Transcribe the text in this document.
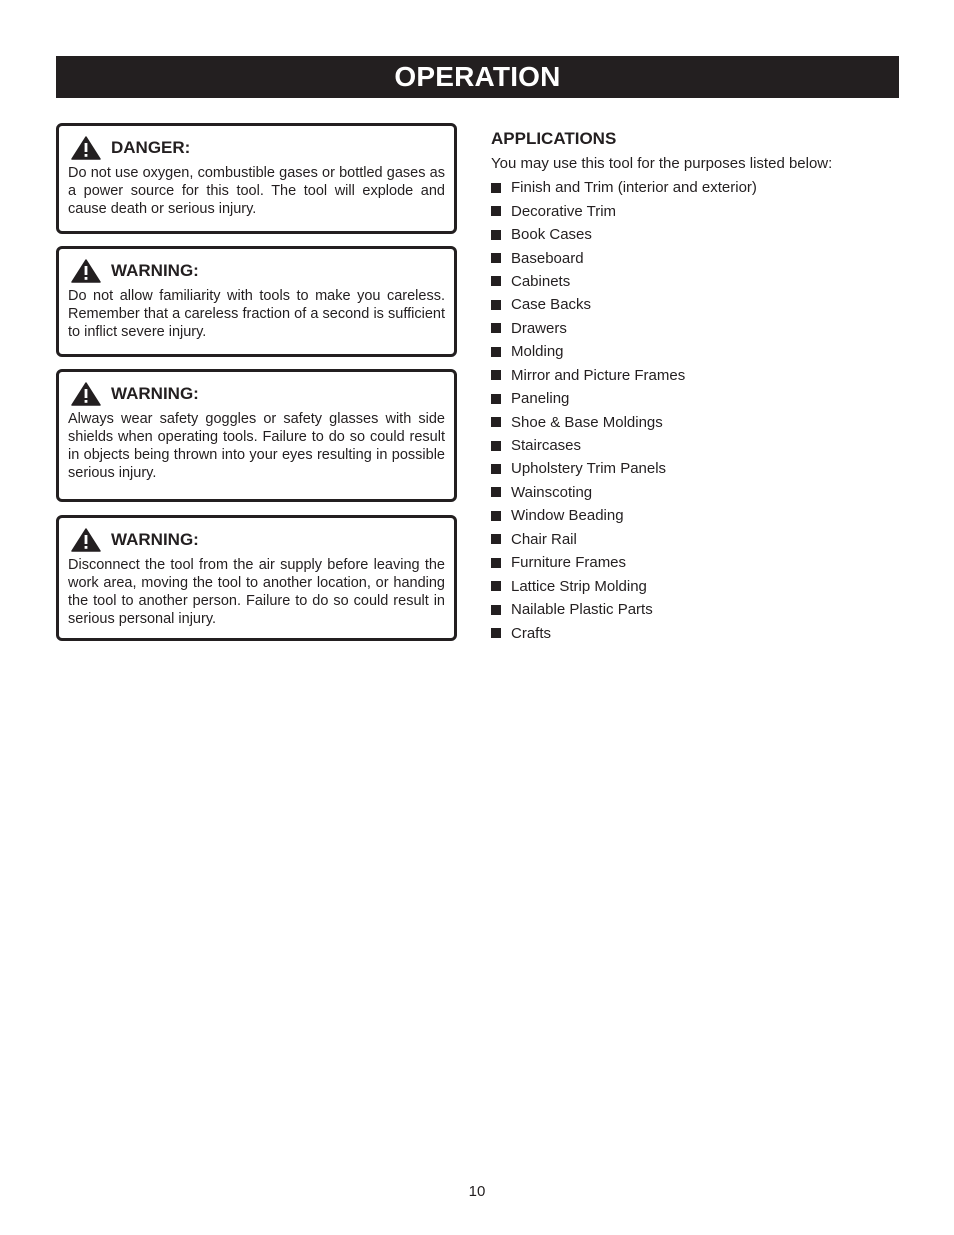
OPERATION
DANGER:
Do not use oxygen, combustible gases or bottled gases as a power source for this tool. The tool will explode and cause death or serious injury.
WARNING:
Do not allow familiarity with tools to make you careless. Remember that a careless fraction of a second is sufficient to inflict severe injury.
WARNING:
Always wear safety goggles or safety glasses with side shields when operating tools. Failure to do so could result in objects being thrown into your eyes resulting in possible serious injury.
WARNING:
Disconnect the tool from the air supply before leaving the work area, moving the tool to another location, or handing the tool to another person. Failure to do so could result in serious personal injury.
APPLICATIONS
You may use this tool for the purposes listed below:
Finish and Trim (interior and exterior)
Decorative Trim
Book Cases
Baseboard
Cabinets
Case Backs
Drawers
Molding
Mirror and Picture Frames
Paneling
Shoe & Base Moldings
Staircases
Upholstery Trim Panels
Wainscoting
Window Beading
Chair Rail
Furniture Frames
Lattice Strip Molding
Nailable Plastic Parts
Crafts
10
